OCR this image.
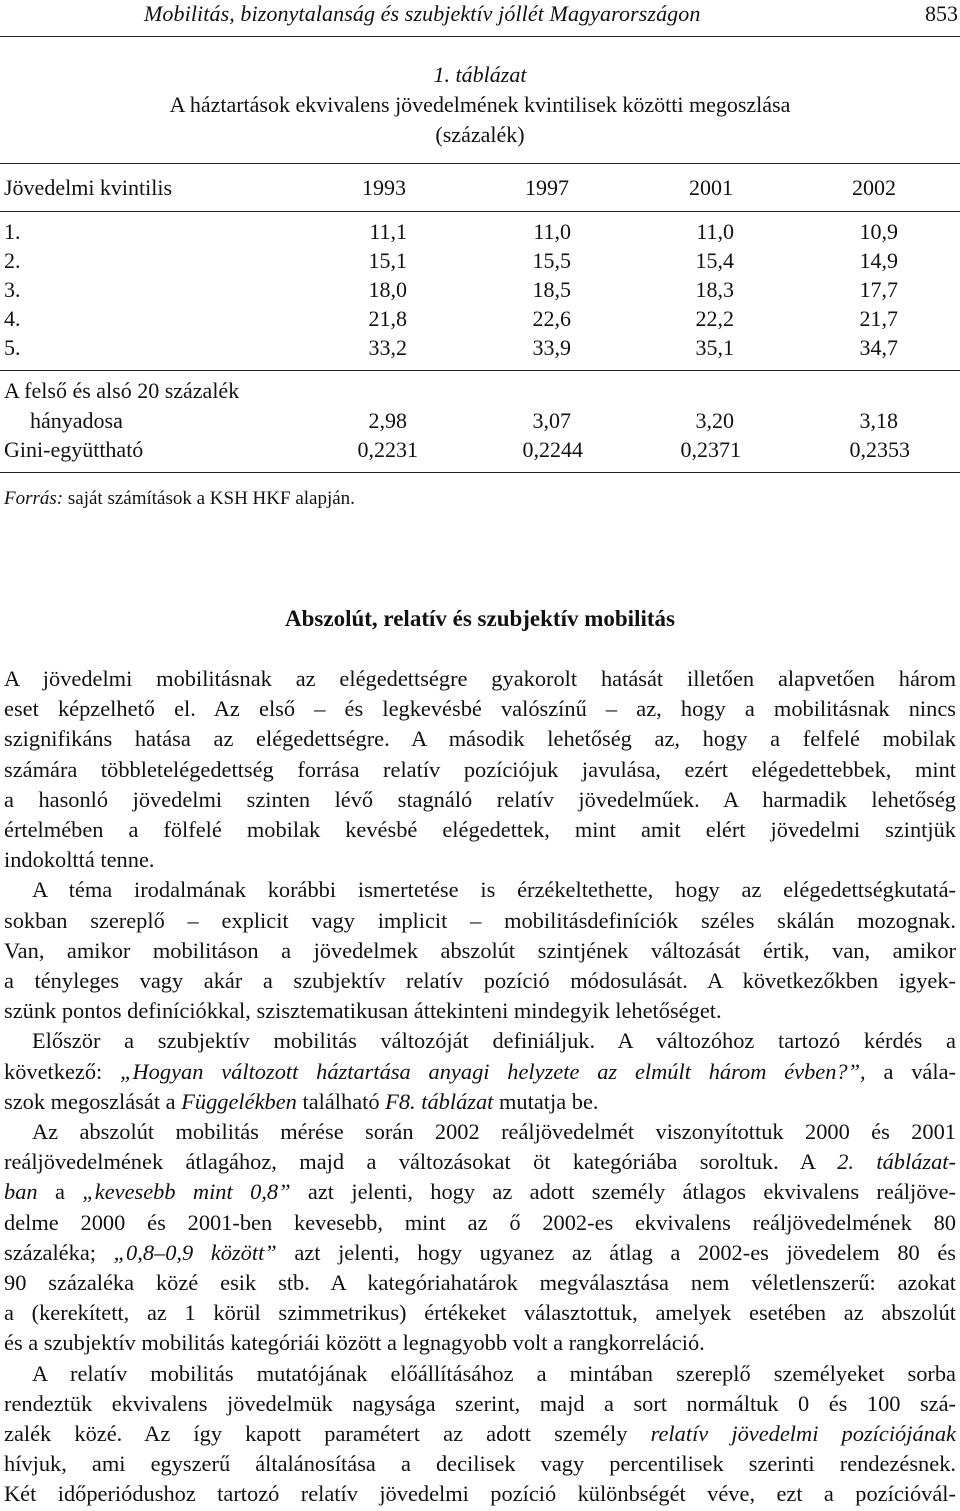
Mobilitás, bizonytalanság és szubjektív jóllét Magyarországon	853
1. táblázat
A háztartások ekvivalens jövedelmének kvintilisek közötti megoszlása
(százalék)
Jövedelmi kvintilis	1993	1997	2001	2002
1.	11,1	11,0	11,0	10,9
2.	15,1	15,5	15,4	14,9
3.	18,0	18,5	18,3	17,7
4.	21,8	22,6	22,2	21,7
5.	33,2	33,9	35,1	34,7
A felső és alsó 20 százalék
hányadosa	2,98	3,07	3,20	3,18
Gini-együttható	0,2231	0,2244	0,2371	0,2353
Forrás: saját számítások a KSH HKF alapján.
Abszolút, relatív és szubjektív mobilitás
A jövedelmi mobilitásnak az elégedettségre gyakorolt hatását illetően alapvetően három
eset képzelhető el. Az első – és legkevésbé valószínű – az, hogy a mobilitásnak nincs
szignifikáns hatása az elégedettségre. A második lehetőség az, hogy a felfelé mobilak
számára többletelégedettség forrása relatív pozíciójuk javulása, ezért elégedettebbek, mint
a hasonló jövedelmi szinten lévő stagnáló relatív jövedelműek. A harmadik lehetőség
értelmében a fölfelé mobilak kevésbé elégedettek, mint amit elért jövedelmi szintjük
indokolttá tenne.
A téma irodalmának korábbi ismertetése is érzékeltethette, hogy az elégedettségkutatá-
sokban szereplő – explicit vagy implicit – mobilitásdefiníciók széles skálán mozognak.
Van, amikor mobilitáson a jövedelmek abszolút szintjének változását értik, van, amikor
a tényleges vagy akár a szubjektív relatív pozíció módosulását. A következőkben igyek-
szünk pontos definíciókkal, szisztematikusan áttekinteni mindegyik lehetőséget.
Először a szubjektív mobilitás változóját definiáljuk. A változóhoz tartozó kérdés a
következő: „Hogyan változott háztartása anyagi helyzete az elmúlt három évben?”, a vála-
szok megoszlását a Függelékben található F8. táblázat mutatja be.
Az abszolút mobilitás mérése során 2002 reáljövedelmét viszonyítottuk 2000 és 2001
reáljövedelmének átlagához, majd a változásokat öt kategóriába soroltuk. A 2. táblázat-
ban a „kevesebb mint 0,8” azt jelenti, hogy az adott személy átlagos ekvivalens reáljöve-
delme 2000 és 2001-ben kevesebb, mint az ő 2002-es ekvivalens reáljövedelmének 80
százaléka; „0,8–0,9 között” azt jelenti, hogy ugyanez az átlag a 2002-es jövedelem 80 és
90 százaléka közé esik stb. A kategóriahatárok megválasztása nem véletlenszerű: azokat
a (kerekített, az 1 körül szimmetrikus) értékeket választottuk, amelyek esetében az abszolút
és a szubjektív mobilitás kategóriái között a legnagyobb volt a rangkorreláció.
A relatív mobilitás mutatójának előállításához a mintában szereplő személyeket sorba
rendeztük ekvivalens jövedelmük nagysága szerint, majd a sort normáltuk 0 és 100 szá-
zalék közé. Az így kapott paramétert az adott személy relatív jövedelmi pozíciójának
hívjuk, ami egyszerű általánosítása a decilisek vagy percentilisek szerinti rendezésnek.
Két időperiódushoz tartozó relatív jövedelmi pozíció különbségét véve, ezt a pozícióvál-
